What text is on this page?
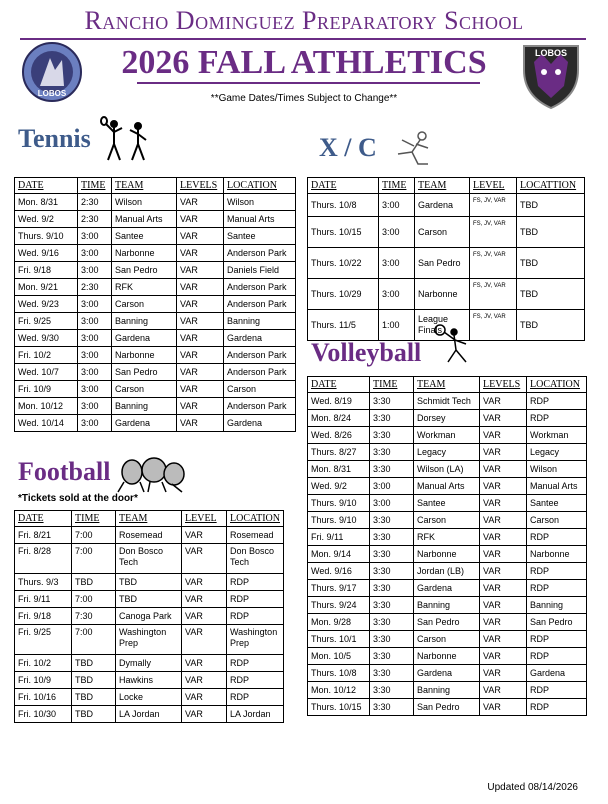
Rancho Dominguez Preparatory School
2026 FALL ATHLETICS
**Game Dates/Times Subject to Change**
LOBOS
LOBOS
Tennis
DATE	TIME	TEAM	LEVELS	LOCATION
Mon. 8/31	2:30	Wilson	VAR	Wilson
Wed. 9/2	2:30	Manual Arts	VAR	Manual Arts
Thurs. 9/10	3:00	Santee	VAR	Santee
Wed. 9/16	3:00	Narbonne	VAR	Anderson Park
Fri. 9/18	3:00	San Pedro	VAR	Daniels Field
Mon. 9/21	2:30	RFK	VAR	Anderson Park
Wed. 9/23	3:00	Carson	VAR	Anderson Park
Fri. 9/25	3:00	Banning	VAR	Banning
Wed. 9/30	3:00	Gardena	VAR	Gardena
Fri. 10/2	3:00	Narbonne	VAR	Anderson Park
Wed. 10/7	3:00	San Pedro	VAR	Anderson Park
Fri. 10/9	3:00	Carson	VAR	Carson
Mon. 10/12	3:00	Banning	VAR	Anderson Park
Wed. 10/14	3:00	Gardena	VAR	Gardena
X / C
DATE	TIME	TEAM	LEVEL	LOCATTION
Thurs. 10/8	3:00	Gardena	FS, JV, VAR	TBD
Thurs. 10/15	3:00	Carson	FS, JV, VAR	TBD
Thurs. 10/22	3:00	San Pedro	FS, JV, VAR	TBD
Thurs. 10/29	3:00	Narbonne	FS, JV, VAR	TBD
Thurs. 11/5	1:00	League Finals	FS, JV, VAR	TBD
Volleyball
DATE	TIME	TEAM	LEVELS	LOCATION
Wed. 8/19	3:30	Schmidt Tech	VAR	RDP
Mon. 8/24	3:30	Dorsey	VAR	RDP
Wed. 8/26	3:30	Workman	VAR	Workman
Thurs. 8/27	3:30	Legacy	VAR	Legacy
Mon. 8/31	3:30	Wilson (LA)	VAR	Wilson
Wed. 9/2	3:00	Manual Arts	VAR	Manual Arts
Thurs. 9/10	3:00	Santee	VAR	Santee
Thurs. 9/10	3:30	Carson	VAR	Carson
Fri. 9/11	3:30	RFK	VAR	RDP
Mon. 9/14	3:30	Narbonne	VAR	Narbonne
Wed. 9/16	3:30	Jordan (LB)	VAR	RDP
Thurs. 9/17	3:30	Gardena	VAR	RDP
Thurs. 9/24	3:30	Banning	VAR	Banning
Mon. 9/28	3:30	San Pedro	VAR	San Pedro
Thurs. 10/1	3:30	Carson	VAR	RDP
Mon. 10/5	3:30	Narbonne	VAR	RDP
Thurs. 10/8	3:30	Gardena	VAR	Gardena
Mon. 10/12	3:30	Banning	VAR	RDP
Thurs. 10/15	3:30	San Pedro	VAR	RDP
Football
*Tickets sold at the door*
DATE	TIME	TEAM	LEVEL	LOCATION
Fri. 8/21	7:00	Rosemead	VAR	Rosemead
Fri. 8/28	7:00	Don Bosco Tech	VAR	Don Bosco Tech
Thurs. 9/3	TBD	TBD	VAR	RDP
Fri. 9/11	7:00	TBD	VAR	RDP
Fri. 9/18	7:30	Canoga Park	VAR	RDP
Fri. 9/25	7:00	Washington Prep	VAR	Washington Prep
Fri. 10/2	TBD	Dymally	VAR	RDP
Fri. 10/9	TBD	Hawkins	VAR	RDP
Fri. 10/16	TBD	Locke	VAR	RDP
Fri. 10/30	TBD	LA Jordan	VAR	LA Jordan
Updated 08/14/2026
